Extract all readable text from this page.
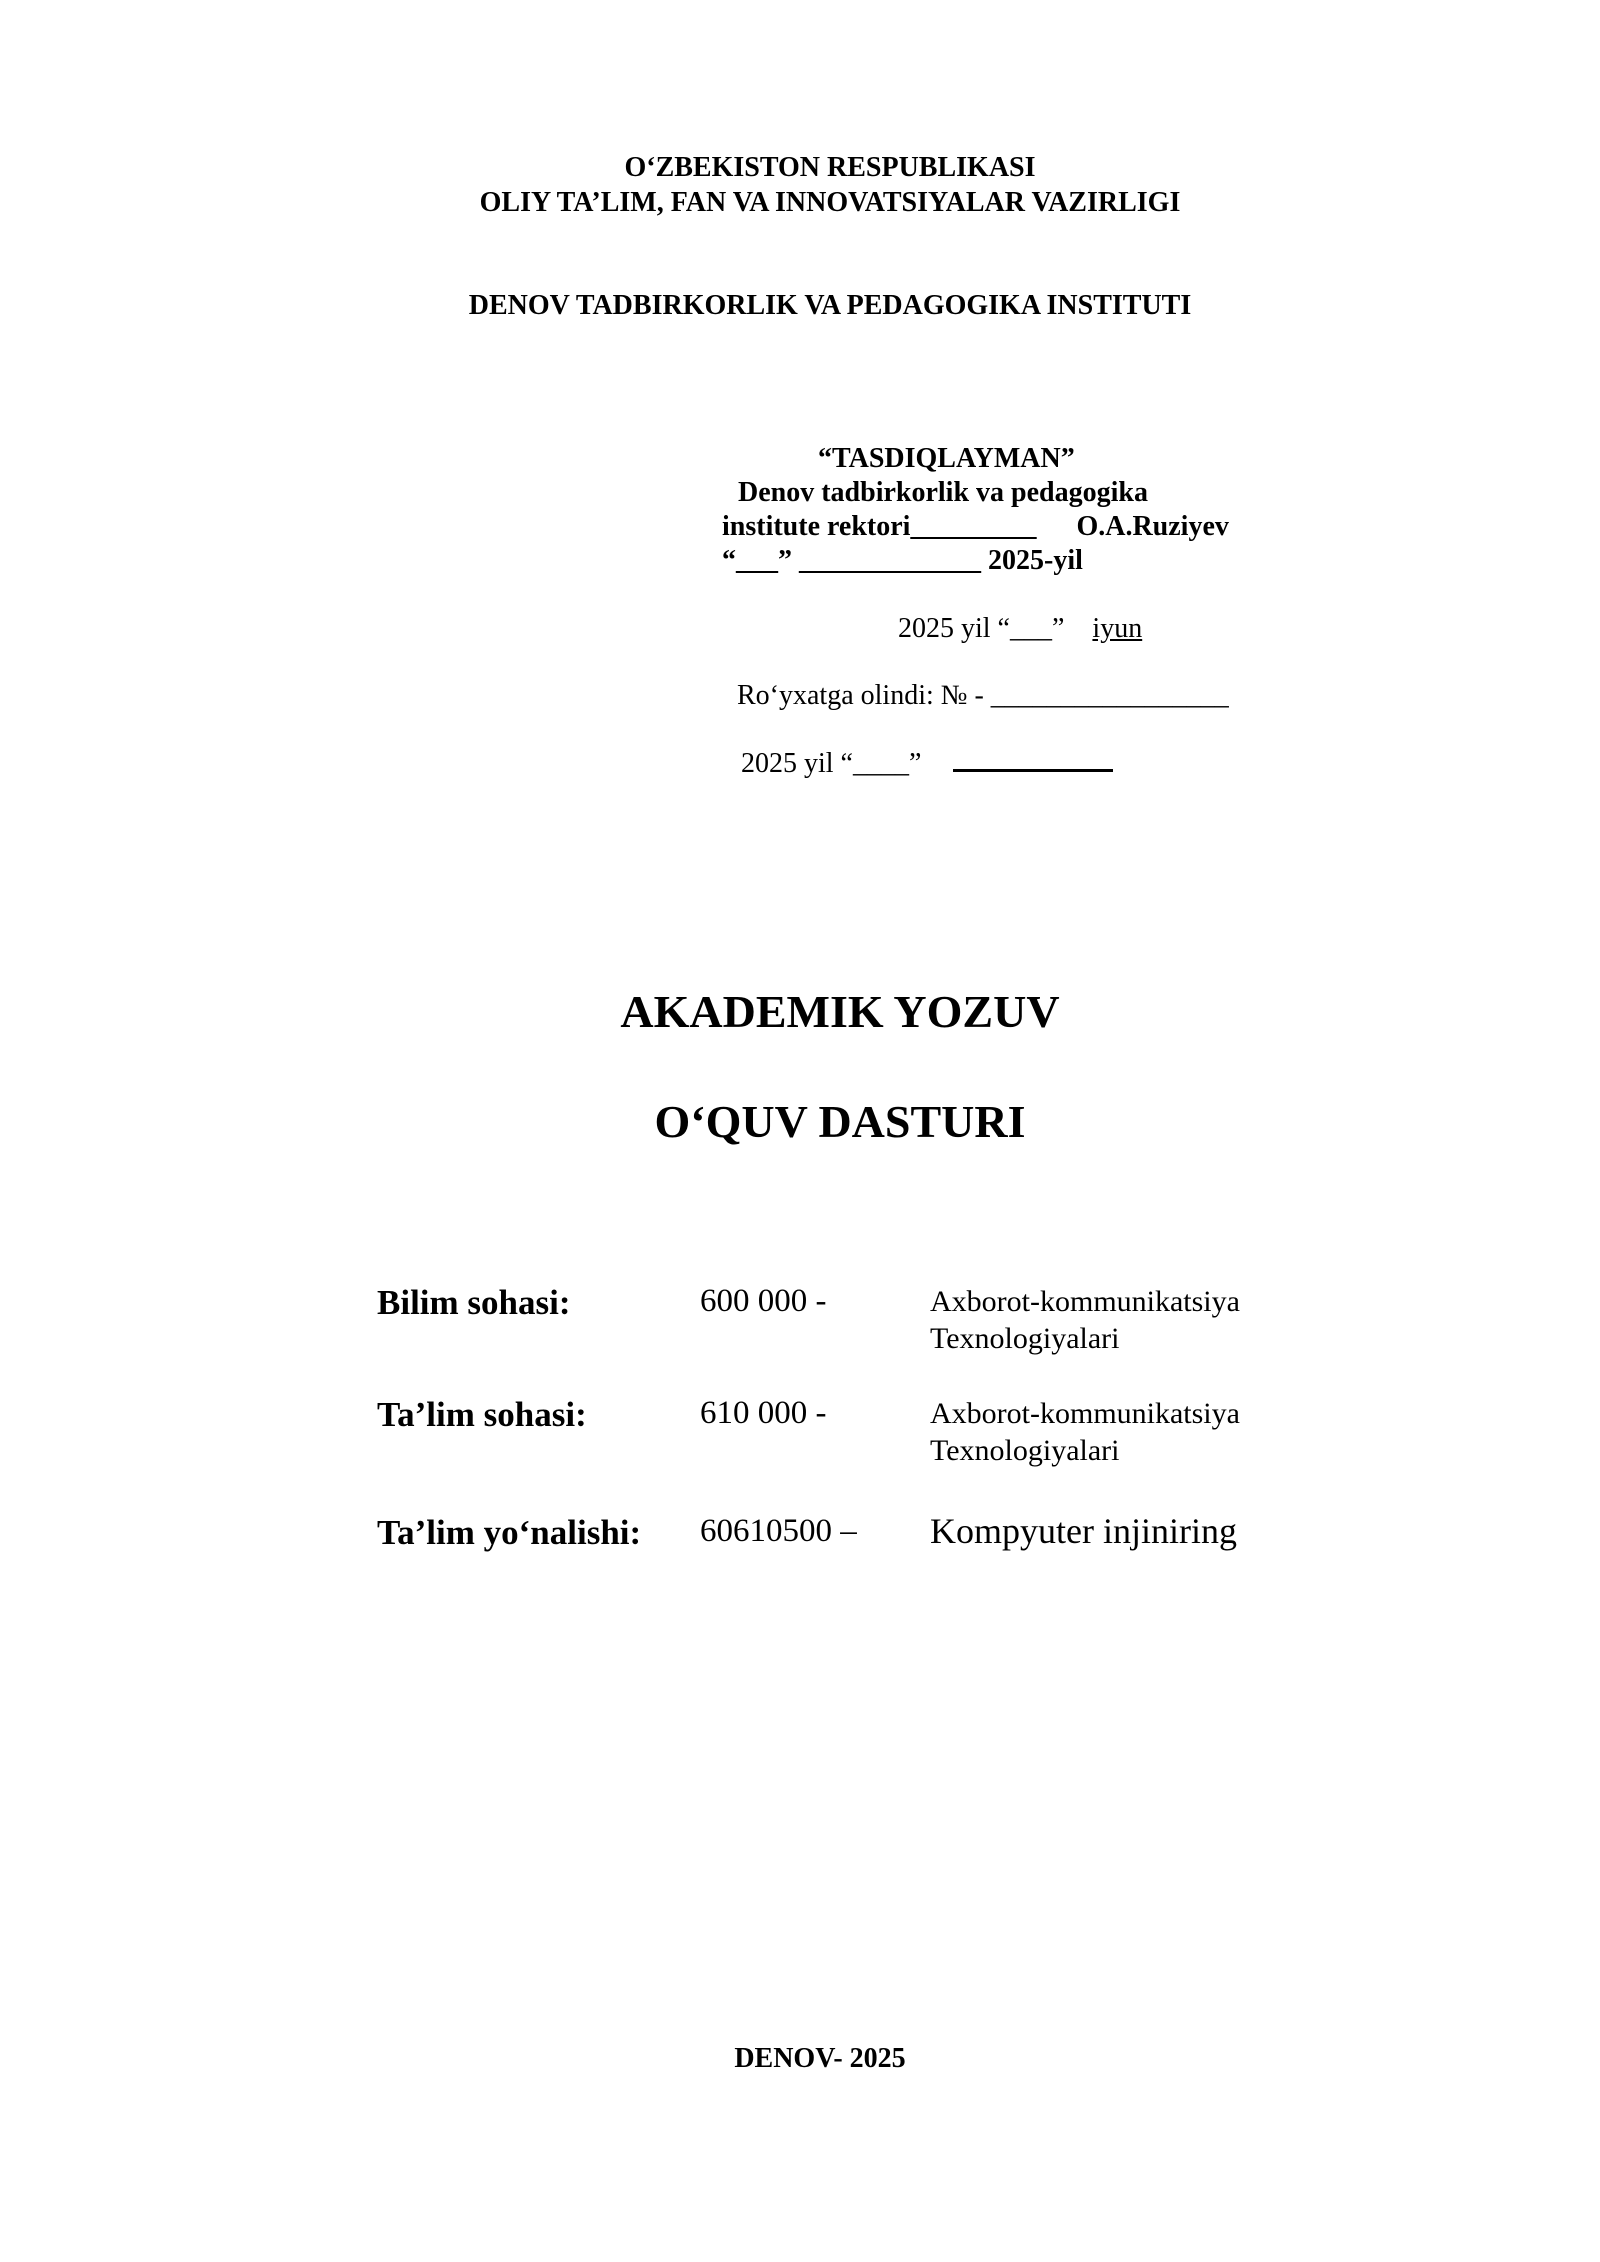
O‘ZBEKISTON RESPUBLIKASI
OLIY TA’LIM, FAN VA INNOVATSIYALAR VAZIRLIGI
DENOV TADBIRKORLIK VA PEDAGOGIKA INSTITUTI
“TASDIQLAYMAN”
Denov tadbirkorlik va pedagogika
institute rektori_________ O.A.Ruziyev
“___” _____________ 2025-yil
2025 yil “___” iyun
Ro‘yxatga olindi: № - _________________
2025 yil “____”
AKADEMIK YOZUV
O‘QUV DASTURI
Bilim sohasi:	600 000 -	Axborot-kommunikatsiya Texnologiyalari
Ta’lim sohasi:	610 000 -	Axborot-kommunikatsiya Texnologiyalari
Ta’lim yo‘nalishi: 60610500 – Kompyuter injiniring
DENOV- 2025
